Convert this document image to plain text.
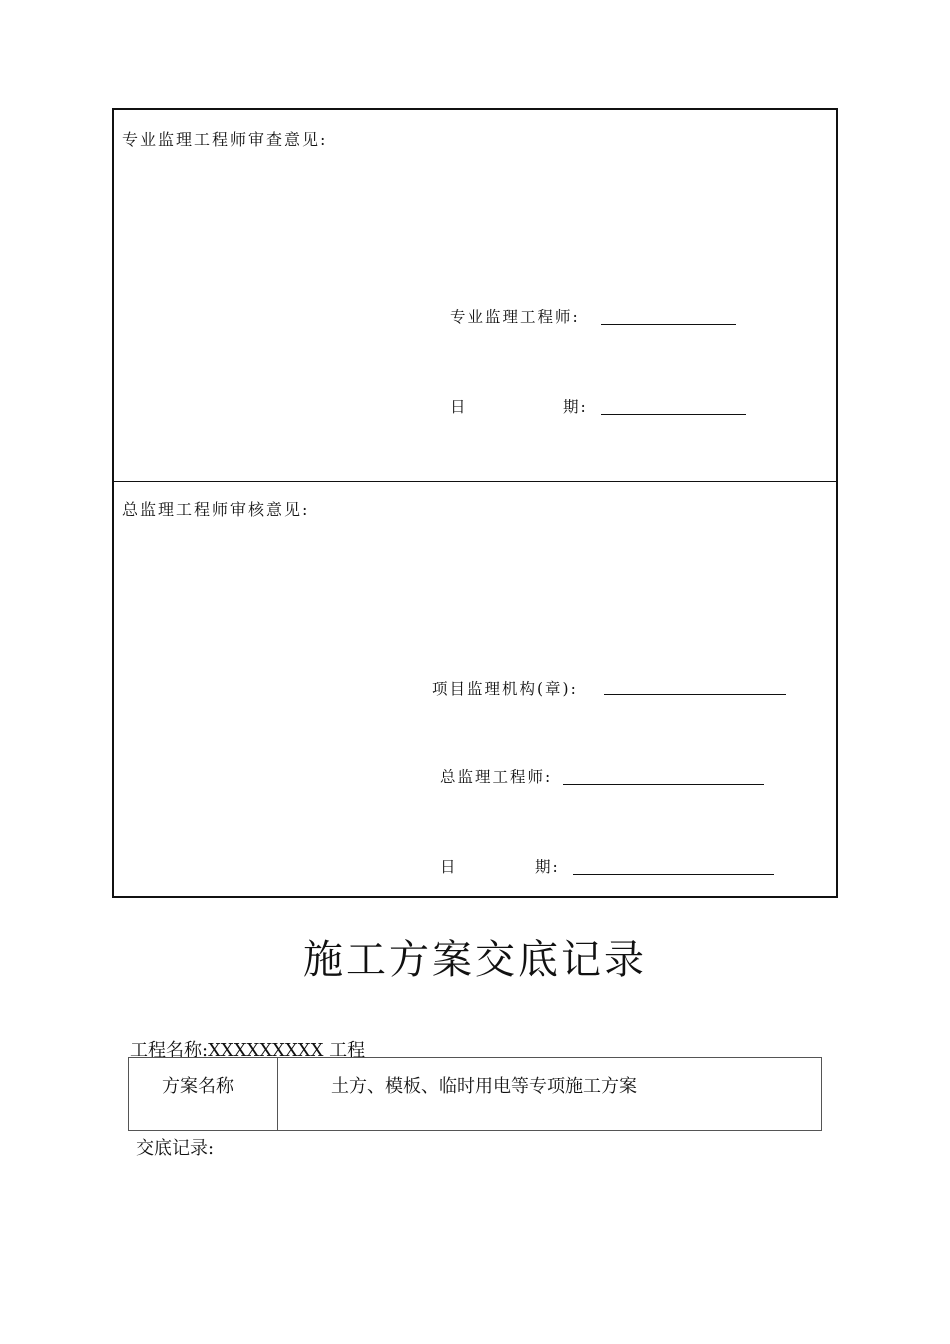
专业监理工程师审查意见:
专业监理工程师:
日	期:
总监理工程师审核意见:
项目监理机构(章):
总监理工程师:
日	期:
施工方案交底记录
工程名称:XXXXXXXXX 工程
方案名称	土方、模板、临时用电等专项施工方案
交底记录:
